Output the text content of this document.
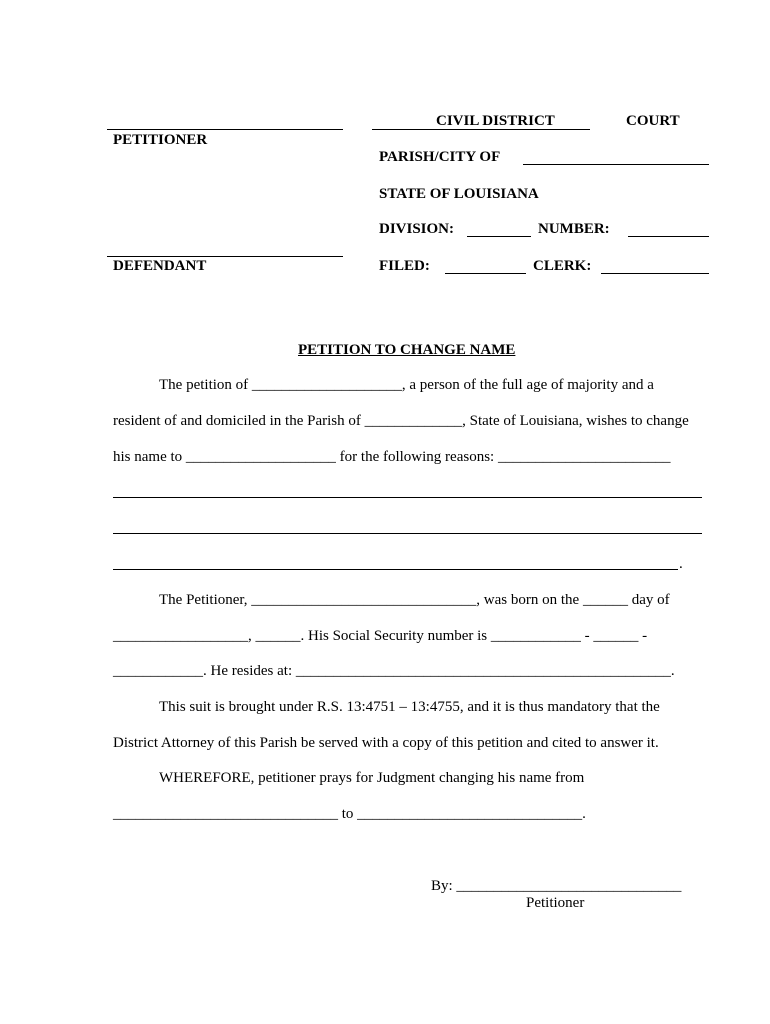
PETITIONER
CIVIL DISTRICT	COURT
PARISH/CITY OF
STATE OF LOUISIANA
DIVISION:	NUMBER:
DEFENDANT	FILED:	CLERK:
PETITION TO CHANGE NAME
The petition of ____________________, a person of the full age of majority and a
resident of and domiciled in the Parish of _____________, State of Louisiana, wishes to change
his name to ____________________ for the following reasons: _______________________
.
The Petitioner, ______________________________, was born on the ______ day of
__________________, ______. His Social Security number is ____________ - ______ -
____________. He resides at: __________________________________________________.
This suit is brought under R.S. 13:4751 – 13:4755, and it is thus mandatory that the
District Attorney of this Parish be served with a copy of this petition and cited to answer it.
WHEREFORE, petitioner prays for Judgment changing his name from
______________________________ to ______________________________.
By: ______________________________
Petitioner
